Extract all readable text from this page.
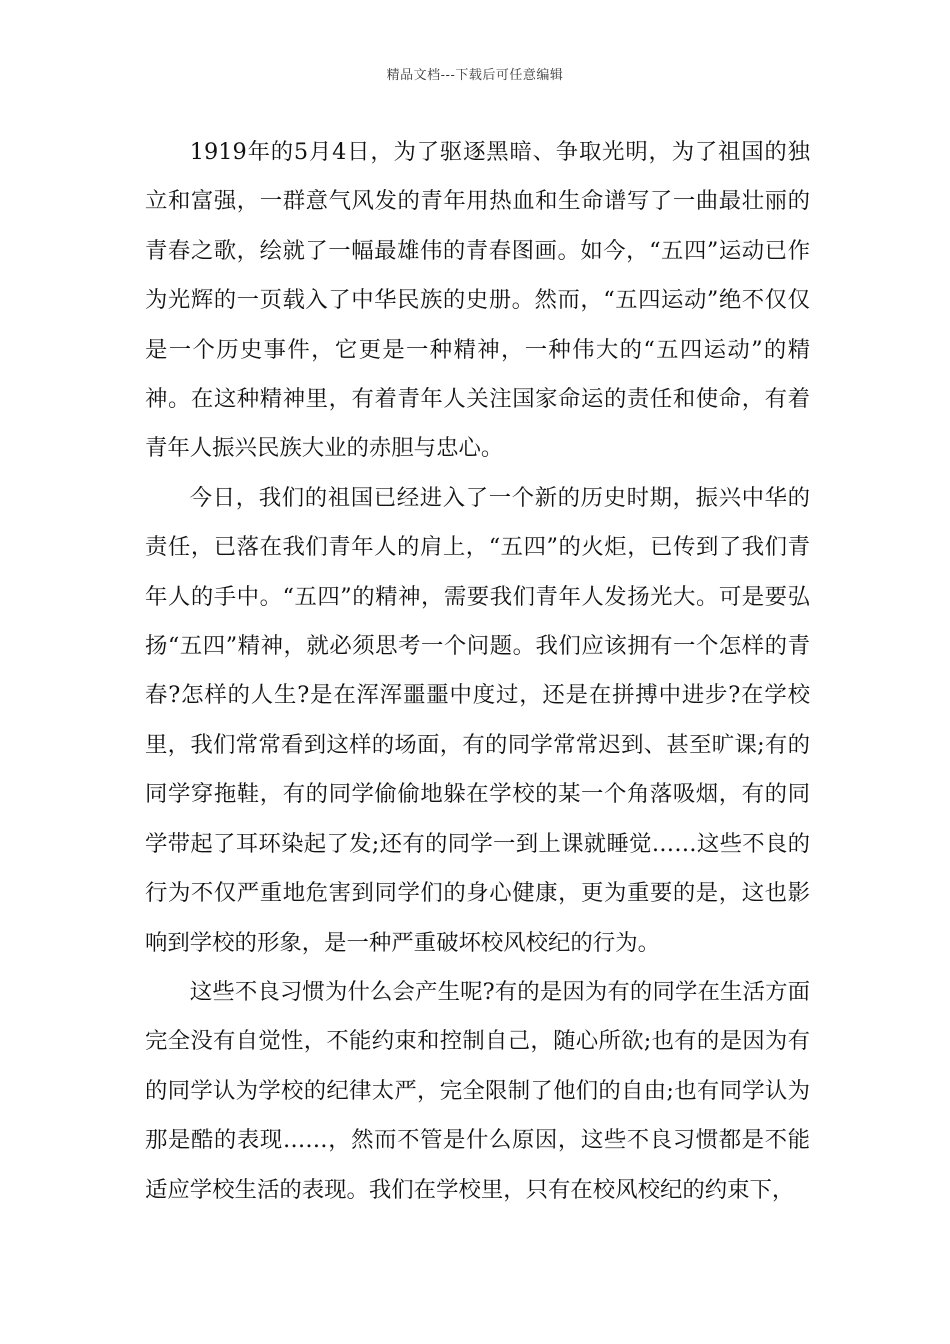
精品文档---下载后可任意编辑

1919年的5月4日，为了驱逐黑暗、争取光明，为了祖国的独立和富强，一群意气风发的青年用热血和生命谱写了一曲最壮丽的青春之歌，绘就了一幅最雄伟的青春图画。如今，“五四”运动已作为光辉的一页载入了中华民族的史册。然而，“五四运动”绝不仅仅是一个历史事件，它更是一种精神，一种伟大的“五四运动”的精神。在这种精神里，有着青年人关注国家命运的责任和使命，有着青年人振兴民族大业的赤胆与忠心。

今日，我们的祖国已经进入了一个新的历史时期，振兴中华的责任，已落在我们青年人的肩上，“五四”的火炬，已传到了我们青年人的手中。“五四”的精神，需要我们青年人发扬光大。可是要弘扬“五四”精神，就必须思考一个问题。我们应该拥有一个怎样的青春?怎样的人生?是在浑浑噩噩中度过，还是在拼搏中进步?在学校里，我们常常看到这样的场面，有的同学常常迟到、甚至旷课;有的同学穿拖鞋，有的同学偷偷地躲在学校的某一个角落吸烟，有的同学带起了耳环染起了发;还有的同学一到上课就睡觉……这些不良的行为不仅严重地危害到同学们的身心健康，更为重要的是，这也影响到学校的形象，是一种严重破坏校风校纪的行为。

这些不良习惯为什么会产生呢?有的是因为有的同学在生活方面完全没有自觉性，不能约束和控制自己，随心所欲;也有的是因为有的同学认为学校的纪律太严，完全限制了他们的自由;也有同学认为那是酷的表现……，然而不管是什么原因，这些不良习惯都是不能适应学校生活的表现。我们在学校里，只有在校风校纪的约束下，
